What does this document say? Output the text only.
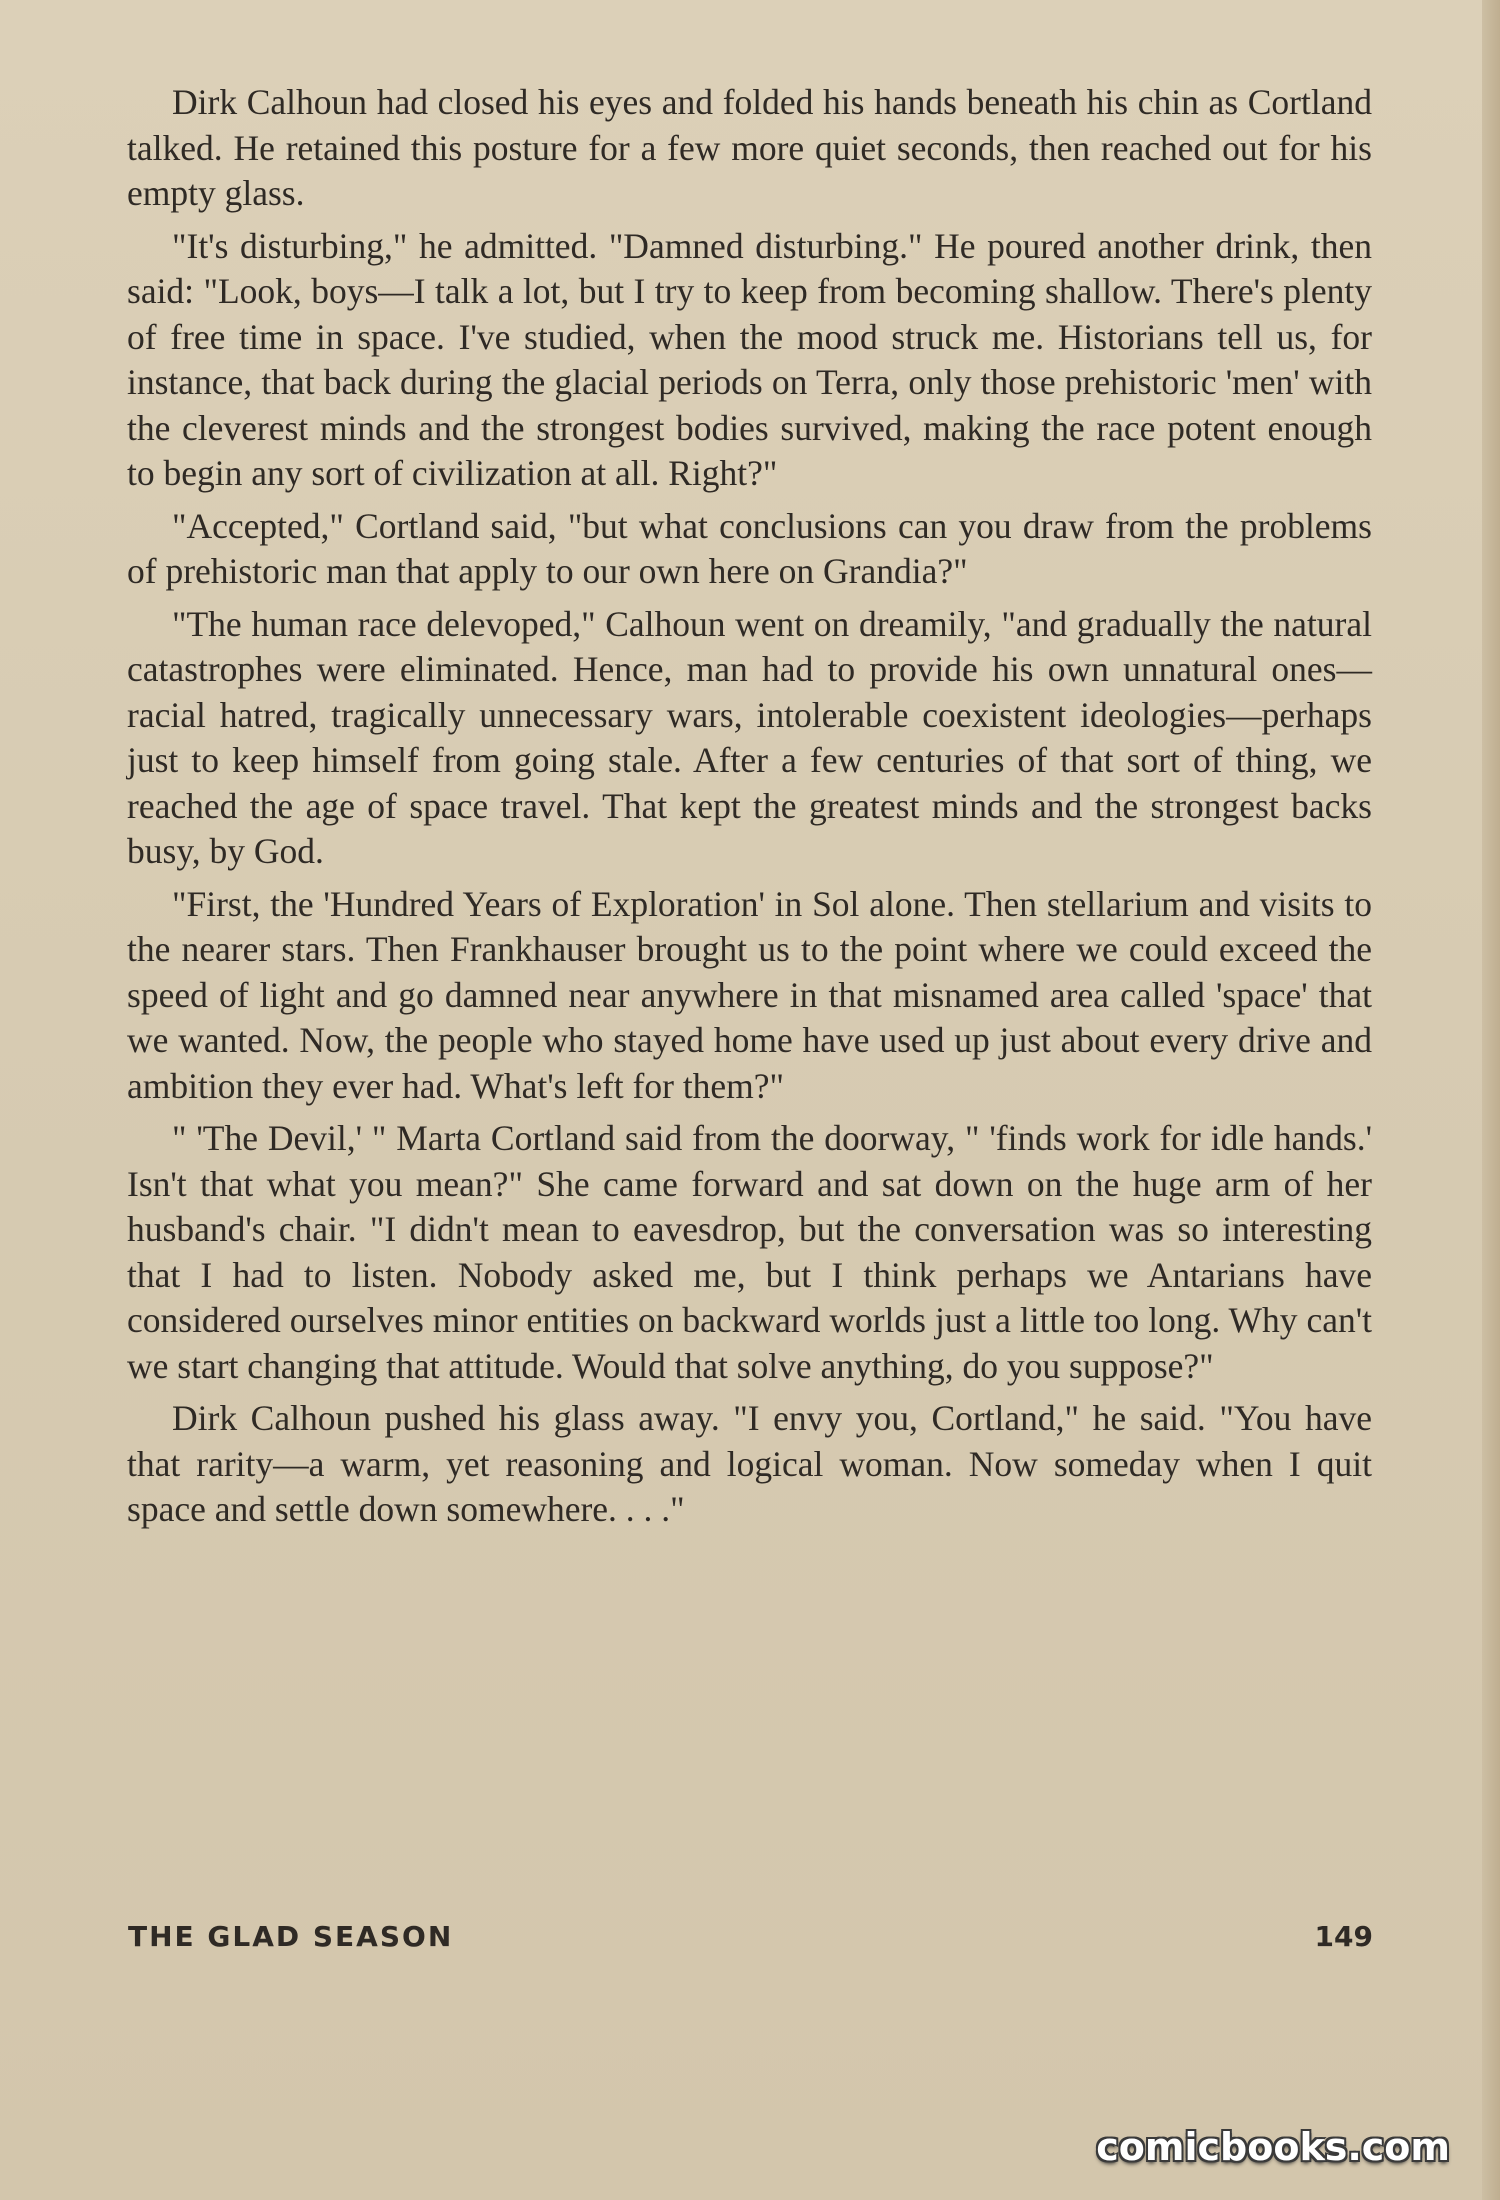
Dirk Calhoun had closed his eyes and folded his hands beneath his chin as Cortland talked. He retained this posture for a few more quiet seconds, then reached out for his empty glass.

"It's disturbing," he admitted. "Damned disturbing." He poured another drink, then said: "Look, boys—I talk a lot, but I try to keep from becoming shallow. There's plenty of free time in space. I've studied, when the mood struck me. Historians tell us, for instance, that back during the glacial periods on Terra, only those prehistoric 'men' with the cleverest minds and the strongest bodies survived, making the race potent enough to begin any sort of civilization at all. Right?"

"Accepted," Cortland said, "but what conclusions can you draw from the problems of prehistoric man that apply to our own here on Grandia?"

"The human race delevoped," Calhoun went on dreamily, "and gradually the natural catastrophes were eliminated. Hence, man had to provide his own unnatural ones—racial hatred, tragically unnecessary wars, intolerable coexistent ideologies—perhaps just to keep himself from going stale. After a few centuries of that sort of thing, we reached the age of space travel. That kept the greatest minds and the strongest backs busy, by God.

"First, the 'Hundred Years of Exploration' in Sol alone. Then stellarium and visits to the nearer stars. Then Frankhauser brought us to the point where we could exceed the speed of light and go damned near anywhere in that misnamed area called 'space' that we wanted. Now, the people who stayed home have used up just about every drive and ambition they ever had. What's left for them?"

" 'The Devil,' " Marta Cortland said from the doorway, " 'finds work for idle hands.' Isn't that what you mean?" She came forward and sat down on the huge arm of her husband's chair. "I didn't mean to eavesdrop, but the conversation was so interesting that I had to listen. Nobody asked me, but I think perhaps we Antarians have considered ourselves minor entities on backward worlds just a little too long. Why can't we start changing that attitude. Would that solve anything, do you suppose?"

Dirk Calhoun pushed his glass away. "I envy you, Cortland," he said. "You have that rarity—a warm, yet reasoning and logical woman. Now someday when I quit space and settle down somewhere. . . ."

THE GLAD SEASON	149
comicbooks.com
